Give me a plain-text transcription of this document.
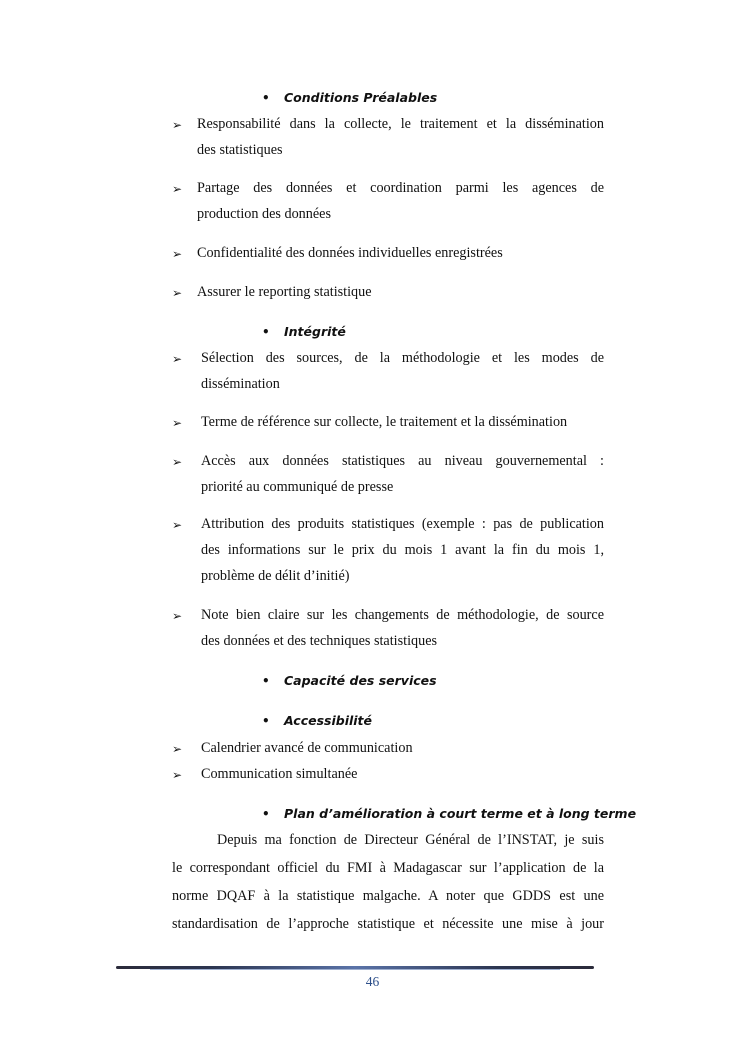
• Conditions Préalables
➢ Responsabilité dans la collecte, le traitement et la dissémination
des statistiques
➢ Partage des données et coordination parmi les agences de
production des données
➢ Confidentialité des données individuelles enregistrées
➢ Assurer le reporting statistique
• Intégrité
➢ Sélection des sources, de la méthodologie et les modes de
dissémination
➢ Terme de référence sur collecte, le traitement et la dissémination
➢ Accès aux données statistiques au niveau gouvernemental :
priorité au communiqué de presse
➢ Attribution des produits statistiques (exemple : pas de publication
des informations sur le prix du mois 1 avant la fin du mois 1,
problème de délit d’initié)
➢ Note bien claire sur les changements de méthodologie, de source
des données et des techniques statistiques
• Capacité des services
• Accessibilité
➢ Calendrier avancé de communication
➢ Communication simultanée
• Plan d’amélioration à court terme et à long terme
Depuis ma fonction de Directeur Général de l’INSTAT, je suis
le correspondant officiel du FMI à Madagascar sur l’application de la
norme DQAF à la statistique malgache. A noter que GDDS est une
standardisation de l’approche statistique et nécessite une mise à jour
46
